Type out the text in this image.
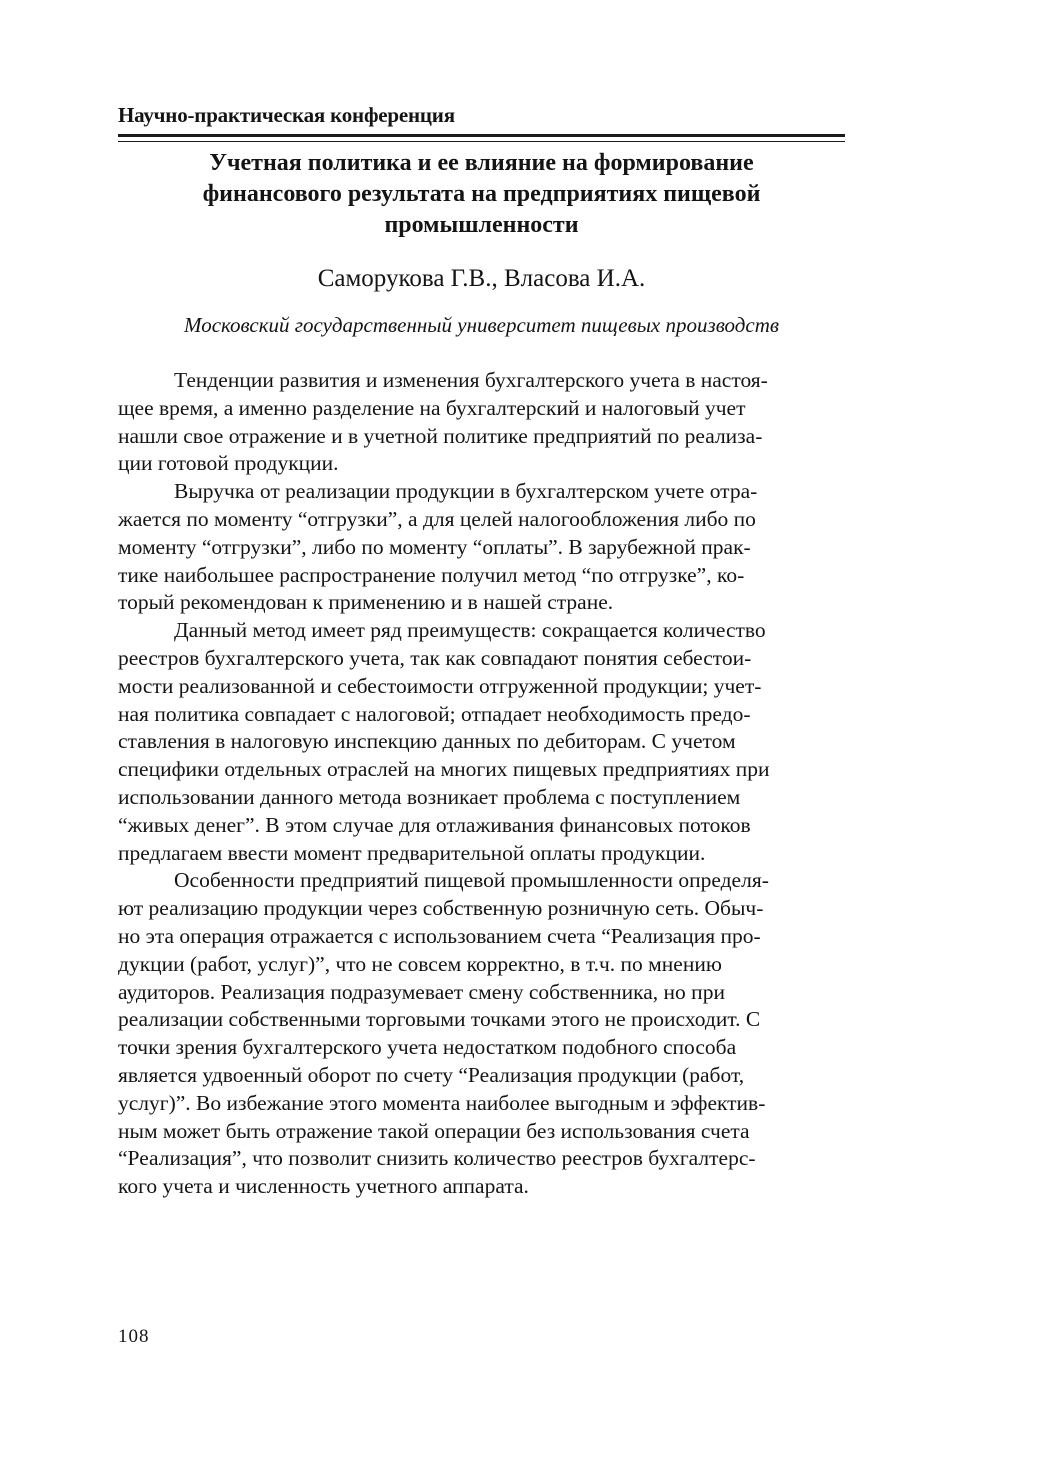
Научно-практическая конференция
Учетная политика и ее влияние на формирование
финансового результата на предприятиях пищевой
промышленности
Саморукова Г.В., Власова И.А.
Московский государственный университет пищевых производств
Тенденции развития и изменения бухгалтерского учета в настоя-
щее время, а именно разделение на бухгалтерский и налоговый учет
нашли свое отражение и в учетной политике предприятий по реализа-
ции готовой продукции.
Выручка от реализации продукции в бухгалтерском учете отра-
жается по моменту “отгрузки”, а для целей налогообложения либо по
моменту “отгрузки”, либо по моменту “оплаты”. В зарубежной прак-
тике наибольшее распространение получил метод “по отгрузке”, ко-
торый рекомендован к применению и в нашей стране.
Данный метод имеет ряд преимуществ: сокращается количество
реестров бухгалтерского учета, так как совпадают понятия себестои-
мости реализованной и себестоимости отгруженной продукции; учет-
ная политика совпадает с налоговой; отпадает необходимость предо-
ставления в налоговую инспекцию данных по дебиторам. С учетом
специфики отдельных отраслей на многих пищевых предприятиях при
использовании данного метода возникает проблема с поступлением
“живых денег”. В этом случае для отлаживания финансовых потоков
предлагаем ввести момент предварительной оплаты продукции.
Особенности предприятий пищевой промышленности определя-
ют реализацию продукции через собственную розничную сеть. Обыч-
но эта операция отражается с использованием счета “Реализация про-
дукции (работ, услуг)”, что не совсем корректно, в т.ч. по мнению
аудиторов. Реализация подразумевает смену собственника, но при
реализации собственными торговыми точками этого не происходит. С
точки зрения бухгалтерского учета недостатком подобного способа
является удвоенный оборот по счету “Реализация продукции (работ,
услуг)”. Во избежание этого момента наиболее выгодным и эффектив-
ным может быть отражение такой операции без использования счета
“Реализация”, что позволит снизить количество реестров бухгалтерс-
кого учета и численность учетного аппарата.
108
